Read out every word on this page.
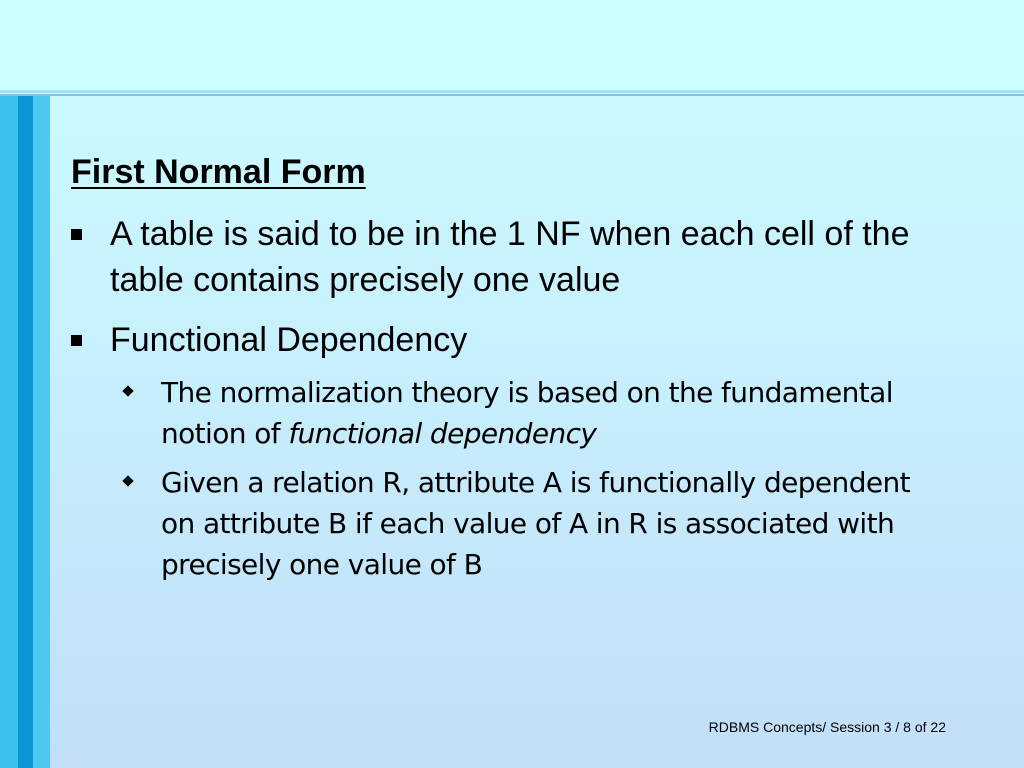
First Normal Form
A table is said to be in the 1 NF when each cell of the table contains precisely one value
Functional Dependency
The normalization theory is based on the fundamental notion of functional dependency
Given a relation R, attribute A is functionally dependent on attribute B if each value of A in R is associated with precisely one value of B
RDBMS Concepts/ Session 3 / 8 of 22
